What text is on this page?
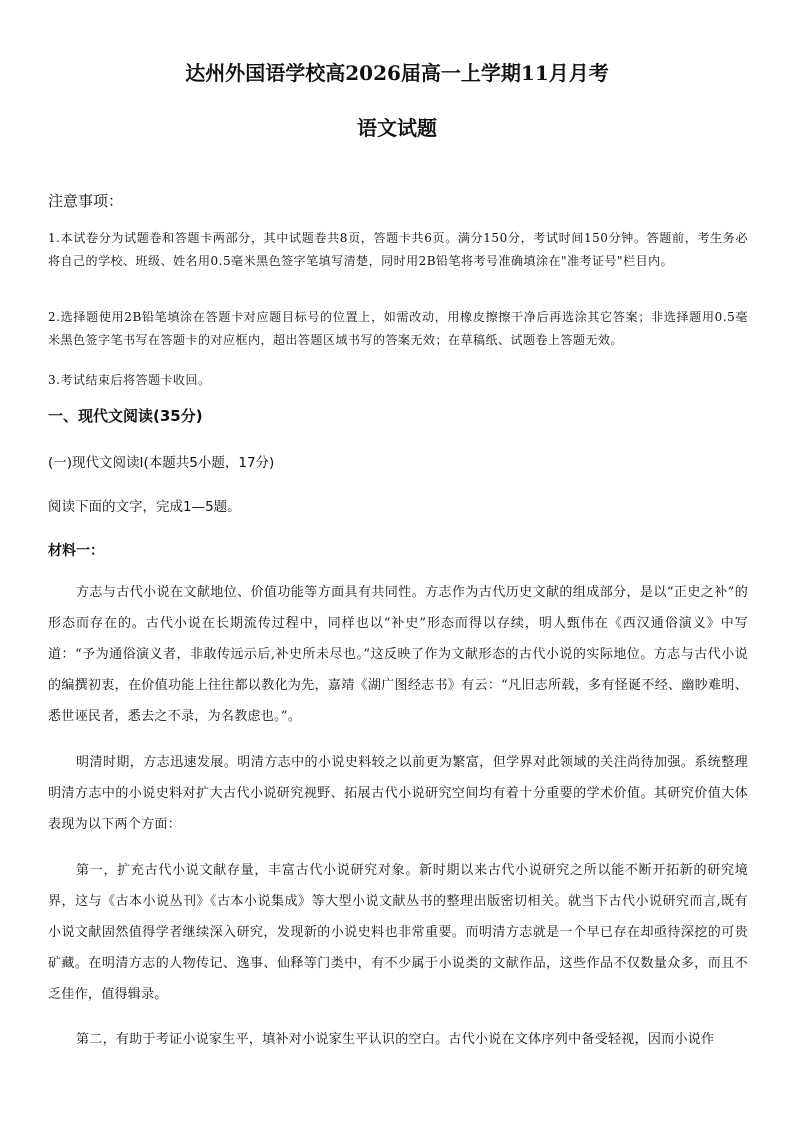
达州外国语学校高2026届高一上学期11月月考
语文试题
注意事项：
1.本试卷分为试题卷和答题卡两部分，其中试题卷共8页，答题卡共6页。满分150分，考试时间150分钟。答题前，考生务必将自己的学校、班级、姓名用0.5毫米黑色签字笔填写清楚，同时用2B铅笔将考号准确填涂在"准考证号"栏目内。
2.选择题使用2B铅笔填涂在答题卡对应题目标号的位置上，如需改动，用橡皮擦擦干净后再选涂其它答案；非选择题用0.5毫米黑色签字笔书写在答题卡的对应框内，超出答题区域书写的答案无效；在草稿纸、试题卷上答题无效。
3.考试结束后将答题卡收回。
一、现代文阅读(35分)
(一)现代文阅读Ⅰ(本题共5小题，17分)
阅读下面的文字，完成1—5题。
材料一：
方志与古代小说在文献地位、价值功能等方面具有共同性。方志作为古代历史文献的组成部分，是以“正史之补”的形态而存在的。古代小说在长期流传过程中，同样也以“补史”形态而得以存续，明人甄伟在《西汉通俗演义》中写道：“予为通俗演义者，非敢传远示后,补史所未尽也。”这反映了作为文献形态的古代小说的实际地位。方志与古代小说的编撰初衷，在价值功能上往往都以教化为先，嘉靖《湖广图经志书》有云：“凡旧志所载，多有怪诞不经、幽眇难明、悉世诬民者，悉去之不录，为名教虑也。”。
明清时期，方志迅速发展。明清方志中的小说史料较之以前更为繁富，但学界对此领域的关注尚待加强。系统整理明清方志中的小说史料对扩大古代小说研究视野、拓展古代小说研究空间均有着十分重要的学术价值。其研究价值大体表现为以下两个方面：
第一，扩充古代小说文献存量，丰富古代小说研究对象。新时期以来古代小说研究之所以能不断开拓新的研究境界，这与《古本小说丛刊》《古本小说集成》等大型小说文献丛书的整理出版密切相关。就当下古代小说研究而言,既有小说文献固然值得学者继续深入研究，发现新的小说史料也非常重要。而明清方志就是一个早已存在却亟待深挖的可贵矿藏。在明清方志的人物传记、逸事、仙释等门类中，有不少属于小说类的文献作品，这些作品不仅数量众多，而且不乏佳作，值得辑录。
第二，有助于考证小说家生平，填补对小说家生平认识的空白。古代小说在文体序列中备受轻视，因而小说作
